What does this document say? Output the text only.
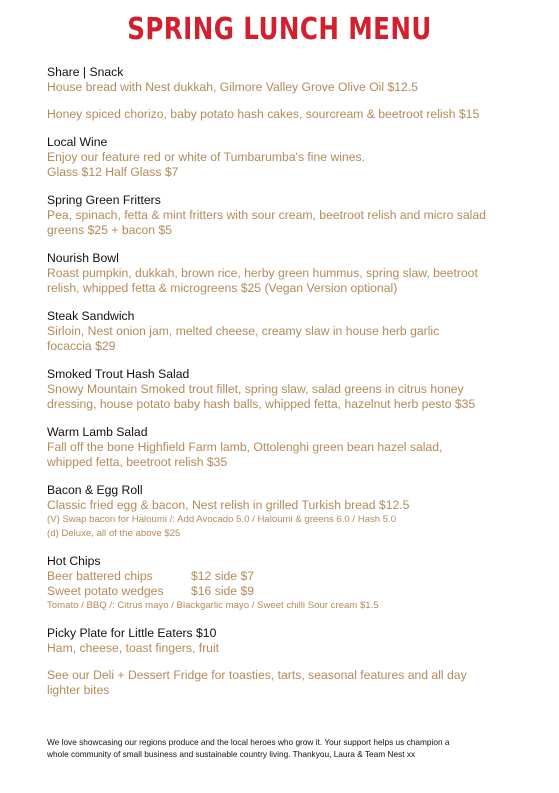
SPRING LUNCH MENU
Share | Snack
House bread with Nest dukkah, Gilmore Valley Grove Olive Oil $12.5
Honey spiced chorizo, baby potato hash cakes, sourcream & beetroot relish $15
Local Wine
Enjoy our feature red or white of Tumbarumba's fine wines.
Glass $12 Half Glass $7
Spring Green Fritters
Pea, spinach, fetta & mint fritters with sour cream, beetroot relish and micro salad
greens $25 + bacon $5
Nourish Bowl
Roast pumpkin, dukkah, brown rice, herby green hummus, spring slaw, beetroot
relish, whipped fetta & microgreens $25 (Vegan Version optional)
Steak Sandwich
Sirloin, Nest onion jam, melted cheese, creamy slaw in house herb garlic
focaccia $29
Smoked Trout Hash Salad
Snowy Mountain Smoked trout fillet, spring slaw, salad greens in citrus honey
dressing, house potato baby hash balls, whipped fetta, hazelnut herb pesto $35
Warm Lamb Salad
Fall off the bone Highfield Farm lamb, Ottolenghi green bean hazel salad,
whipped fetta, beetroot relish $35
Bacon & Egg Roll
Classic fried egg & bacon, Nest relish in grilled Turkish bread $12.5
(V) Swap bacon for Haloumi /: Add Avocado 5.0 / Haloumi & greens 6.0 / Hash 5.0
(d) Deluxe, all of the above $25
Hot Chips
Beer battered chips	$12 side $7
Sweet potato wedges $16 side $9
Tomato / BBQ /: Citrus mayo / Blackgarlic mayo / Sweet chilli Sour cream $1.5
Picky Plate for Little Eaters $10
Ham, cheese, toast fingers, fruit
See our Deli + Dessert Fridge for toasties, tarts, seasonal features and all day
lighter bites
We love showcasing our regions produce and the local heroes who grow it. Your support helps us champion a
whole community of small business and sustainable country living. Thankyou, Laura & Team Nest xx
